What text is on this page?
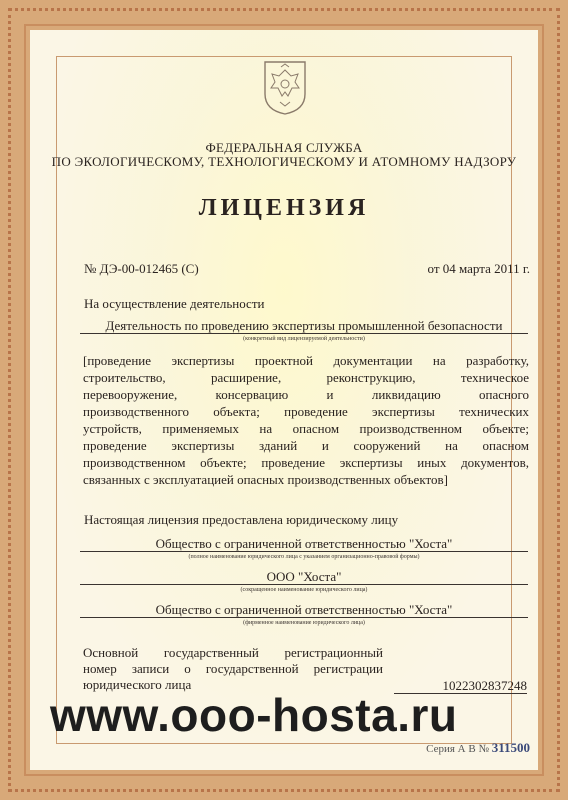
ФЕДЕРАЛЬНАЯ СЛУЖБА
ПО ЭКОЛОГИЧЕСКОМУ, ТЕХНОЛОГИЧЕСКОМУ И АТОМНОМУ НАДЗОРУ
ЛИЦЕНЗИЯ
№ ДЭ-00-012465 (С)	от 04 марта 2011 г.
На осуществление деятельности
Деятельность по проведению экспертизы промышленной безопасности
(конкретный вид лицензируемой деятельности)
[проведение экспертизы проектной документации на разработку,
строительство, расширение, реконструкцию, техническое
перевооружение, консервацию и ликвидацию опасного
производственного объекта; проведение экспертизы технических
устройств, применяемых на опасном производственном объекте;
проведение экспертизы зданий и сооружений на опасном
производственном объекте; проведение экспертизы иных документов,
связанных с эксплуатацией опасных производственных объектов]
Настоящая лицензия предоставлена юридическому лицу
Общество с ограниченной ответственностью "Хоста"
(полное наименование юридического лица с указанием организационно-правовой формы)
ООО "Хоста"
(сокращенное наименование юридического лица)
Общество с ограниченной ответственностью "Хоста"
(фирменное наименование юридического лица)
Основной государственный регистрационный
номер записи о государственной регистрации
юридического лица	1022302837248
www.ooo-hosta.ru
Серия А В № 311500
